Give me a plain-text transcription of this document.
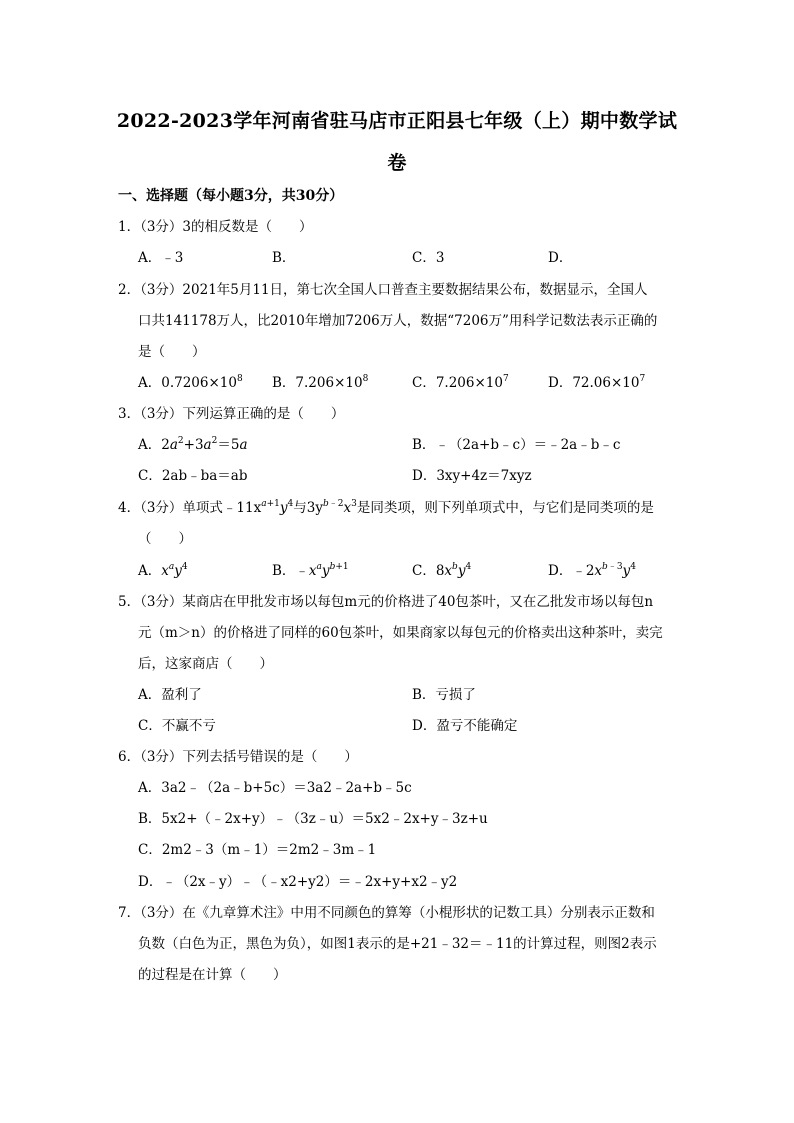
2022-2023学年河南省驻马店市正阳县七年级（上）期中数学试
卷
一、选择题（每小题3分，共30分）
1．（3分）3的相反数是（　　）
A．﹣3	B．	C．3	D．
2．（3分）2021年5月11日，第七次全国人口普查主要数据结果公布，数据显示，全国人
口共141178万人，比2010年增加7206万人，数据“7206万”用科学记数法表示正确的
是（　　）
A．$0.7206\times 10^8$ B．$7.206\times 10^8$	C．$7.206\times 10^7$	D．$72.06\times 10^7$
3．（3分）下列运算正确的是（　　）
A．$2a^2+3a^2=5a$	B．﹣（2a+b﹣c）＝﹣2a﹣b﹣c
C．2ab﹣ba＝ab	D．3xy+4z＝7xyz
4．（3分）单项式$﹣11x^{a+1}y^4$与$3y^{b﹣2}x^3$是同类项，则下列单项式中，与它们是同类项的是
（　　）
A．$x^ay^4$	B．$﹣x^ay^{b+1}$	C．$8x^by^4$	D．$﹣2x^{b﹣3}y^4$
5．（3分）某商店在甲批发市场以每包m元的价格进了40包茶叶，又在乙批发市场以每包n
元（m＞n）的价格进了同样的60包茶叶，如果商家以每包元的价格卖出这种茶叶，卖完
后，这家商店（　　）
A．盈利了	B．亏损了
C．不赢不亏	D．盈亏不能确定
6．（3分）下列去括号错误的是（　　）
A．3a2﹣（2a﹣b+5c）＝3a2﹣2a+b﹣5c
B．5x2+（﹣2x+y）﹣（3z﹣u）＝5x2﹣2x+y﹣3z+u
C．2m2﹣3（m﹣1）＝2m2﹣3m﹣1
D．﹣（2x﹣y）﹣（﹣x2+y2）＝﹣2x+y+x2﹣y2
7．（3分）在《九章算术注》中用不同颜色的算筹（小棍形状的记数工具）分别表示正数和
负数（白色为正，黑色为负），如图1表示的是+21﹣32＝﹣11的计算过程，则图2表示
的过程是在计算（　　）
